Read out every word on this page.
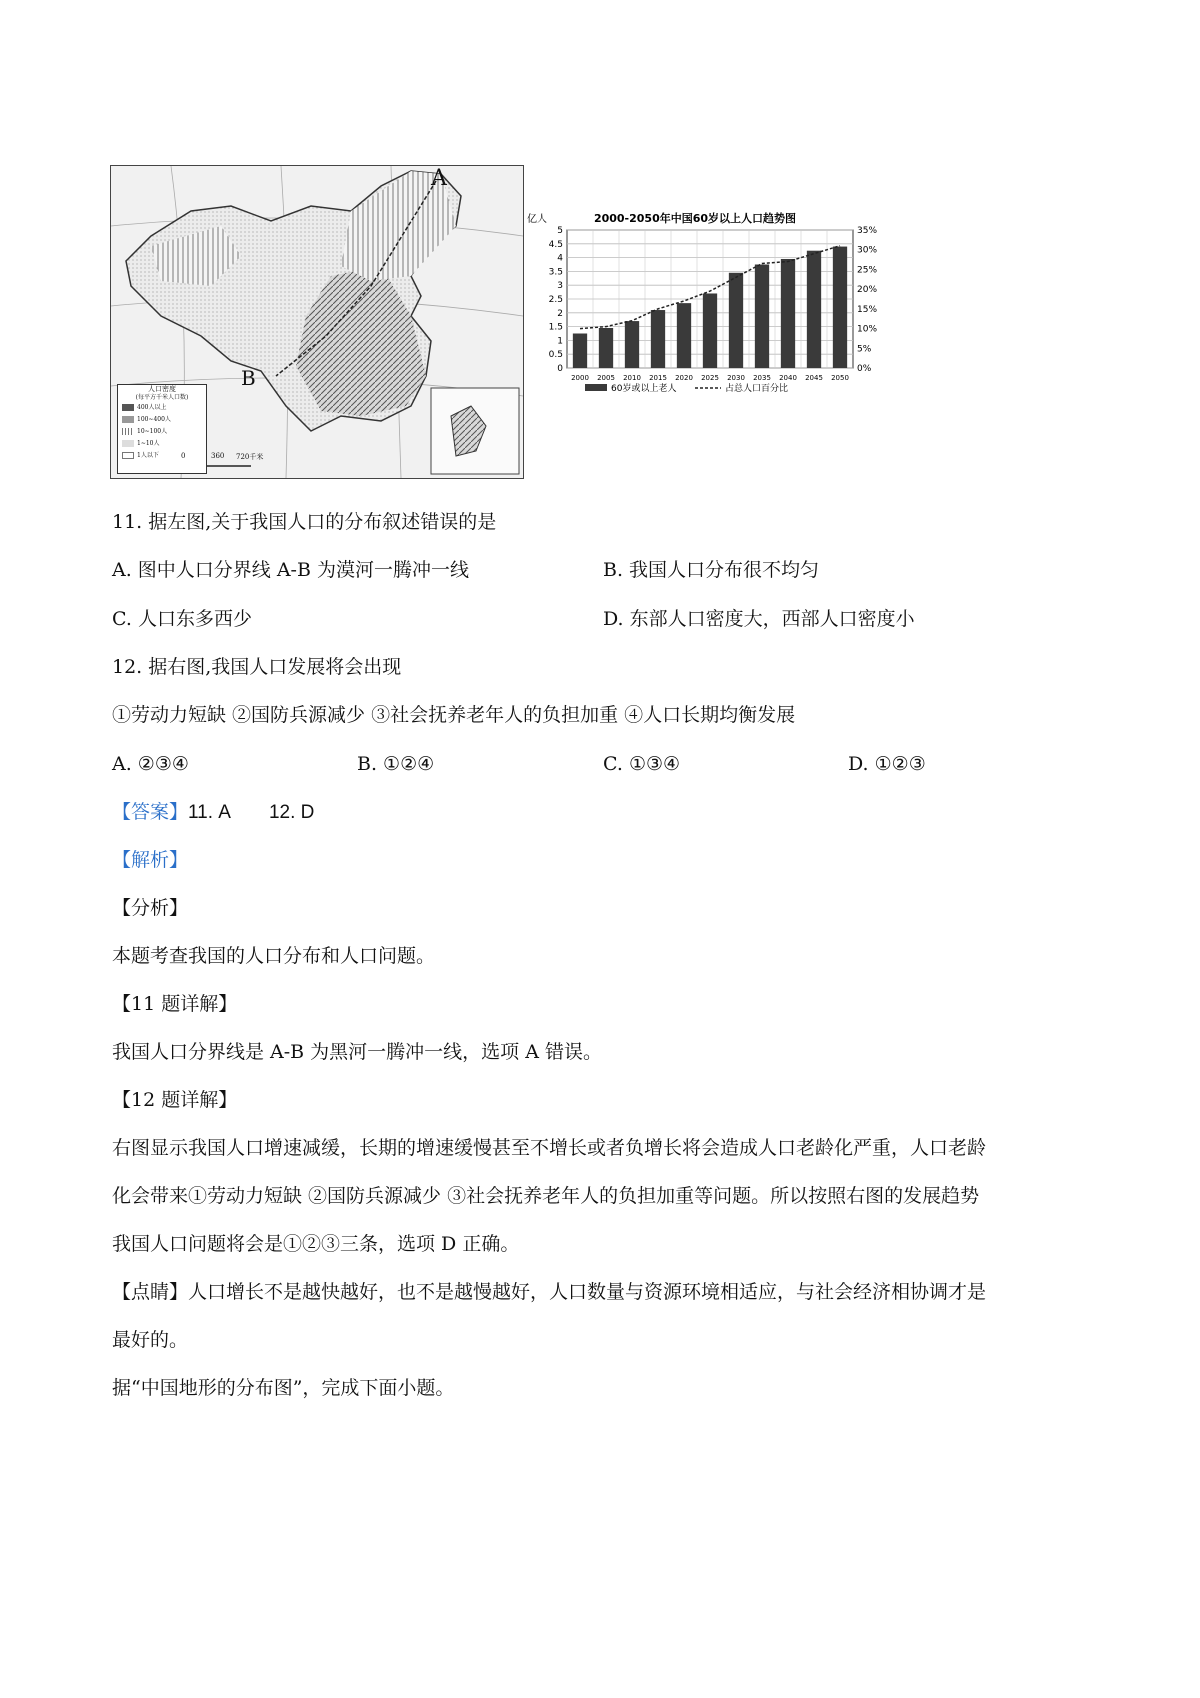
A
B
人口密度
(每平方千米人口数)
400人以上
100~400人
10~100人
1~10人
1人以下	0	360 720千米
2000-2050年中国60岁以上人口趋势图
亿人
0
0.5
1
1.5
2
2.5
3
3.5
4
4.5
5
0%
5%
10%
15%
20%
25%
30%
35%
2000 2005 2010 2015 2020 2025 2030 2035 2040 2045 2050
60岁或以上老人	占总人口百分比
11. 据左图,关于我国人口的分布叙述错误的是
A. 图中人口分界线 A-B 为漠河一腾冲一线	B. 我国人口分布很不均匀
C. 人口东多西少	D. 东部人口密度大，西部人口密度小
12. 据右图,我国人口发展将会出现
①劳动力短缺 ②国防兵源减少 ③社会抚养老年人的负担加重 ④人口长期均衡发展
A. ②③④	B. ①②④	C. ①③④	D. ①②③
【答案】11. A 12. D
【解析】
【分析】
本题考查我国的人口分布和人口问题。
【11 题详解】
我国人口分界线是 A-B 为黑河一腾冲一线，选项 A 错误。
【12 题详解】
右图显示我国人口增速减缓，长期的增速缓慢甚至不增长或者负增长将会造成人口老龄化严重，人口老龄
化会带来①劳动力短缺 ②国防兵源减少 ③社会抚养老年人的负担加重等问题。所以按照右图的发展趋势
我国人口问题将会是①②③三条，选项 D 正确。
【点睛】人口增长不是越快越好，也不是越慢越好，人口数量与资源环境相适应，与社会经济相协调才是
最好的。
据“中国地形的分布图”，完成下面小题。
